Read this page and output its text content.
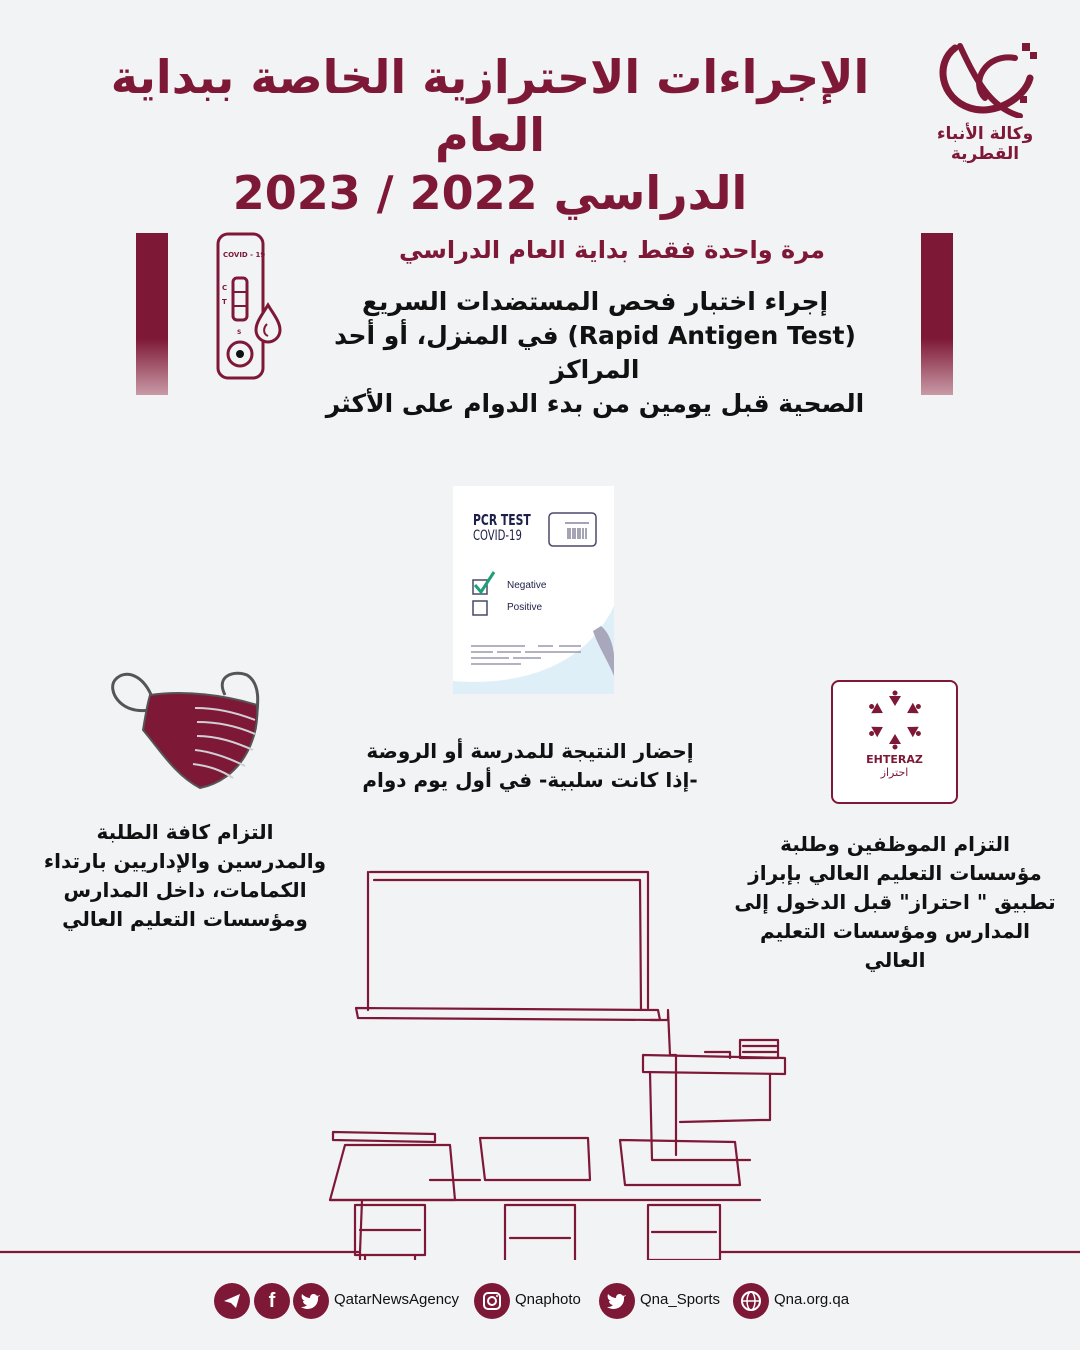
وكالة الأنباء
القطرية
الإجراءات الاحترازية الخاصة ببداية العام
الدراسي 2022 / 2023
COVID - 19
C
T
S
مرة واحدة فقط بداية العام الدراسي
إجراء اختبار فحص المستضدات السريع
(Rapid Antigen Test) في المنزل، أو أحد المراكز
الصحية قبل يومين من بدء الدوام على الأكثر
PCR TEST
COVID-19
Negative
Positive
إحضار النتيجة للمدرسة أو الروضة
-إذا كانت سلبية- في أول يوم دوام
التزام كافة الطلبة
والمدرسين والإداريين بارتداء
الكمامات، داخل المدارس
ومؤسسات التعليم العالي
EHTERAZ
احتراز
التزام الموظفين وطلبة
مؤسسات التعليم العالي بإبراز
تطبيق " احتراز" قبل الدخول إلى
المدارس ومؤسسات التعليم
العالي
f	QatarNewsAgency	Qnaphoto	Qna_Sports	Qna.org.qa
